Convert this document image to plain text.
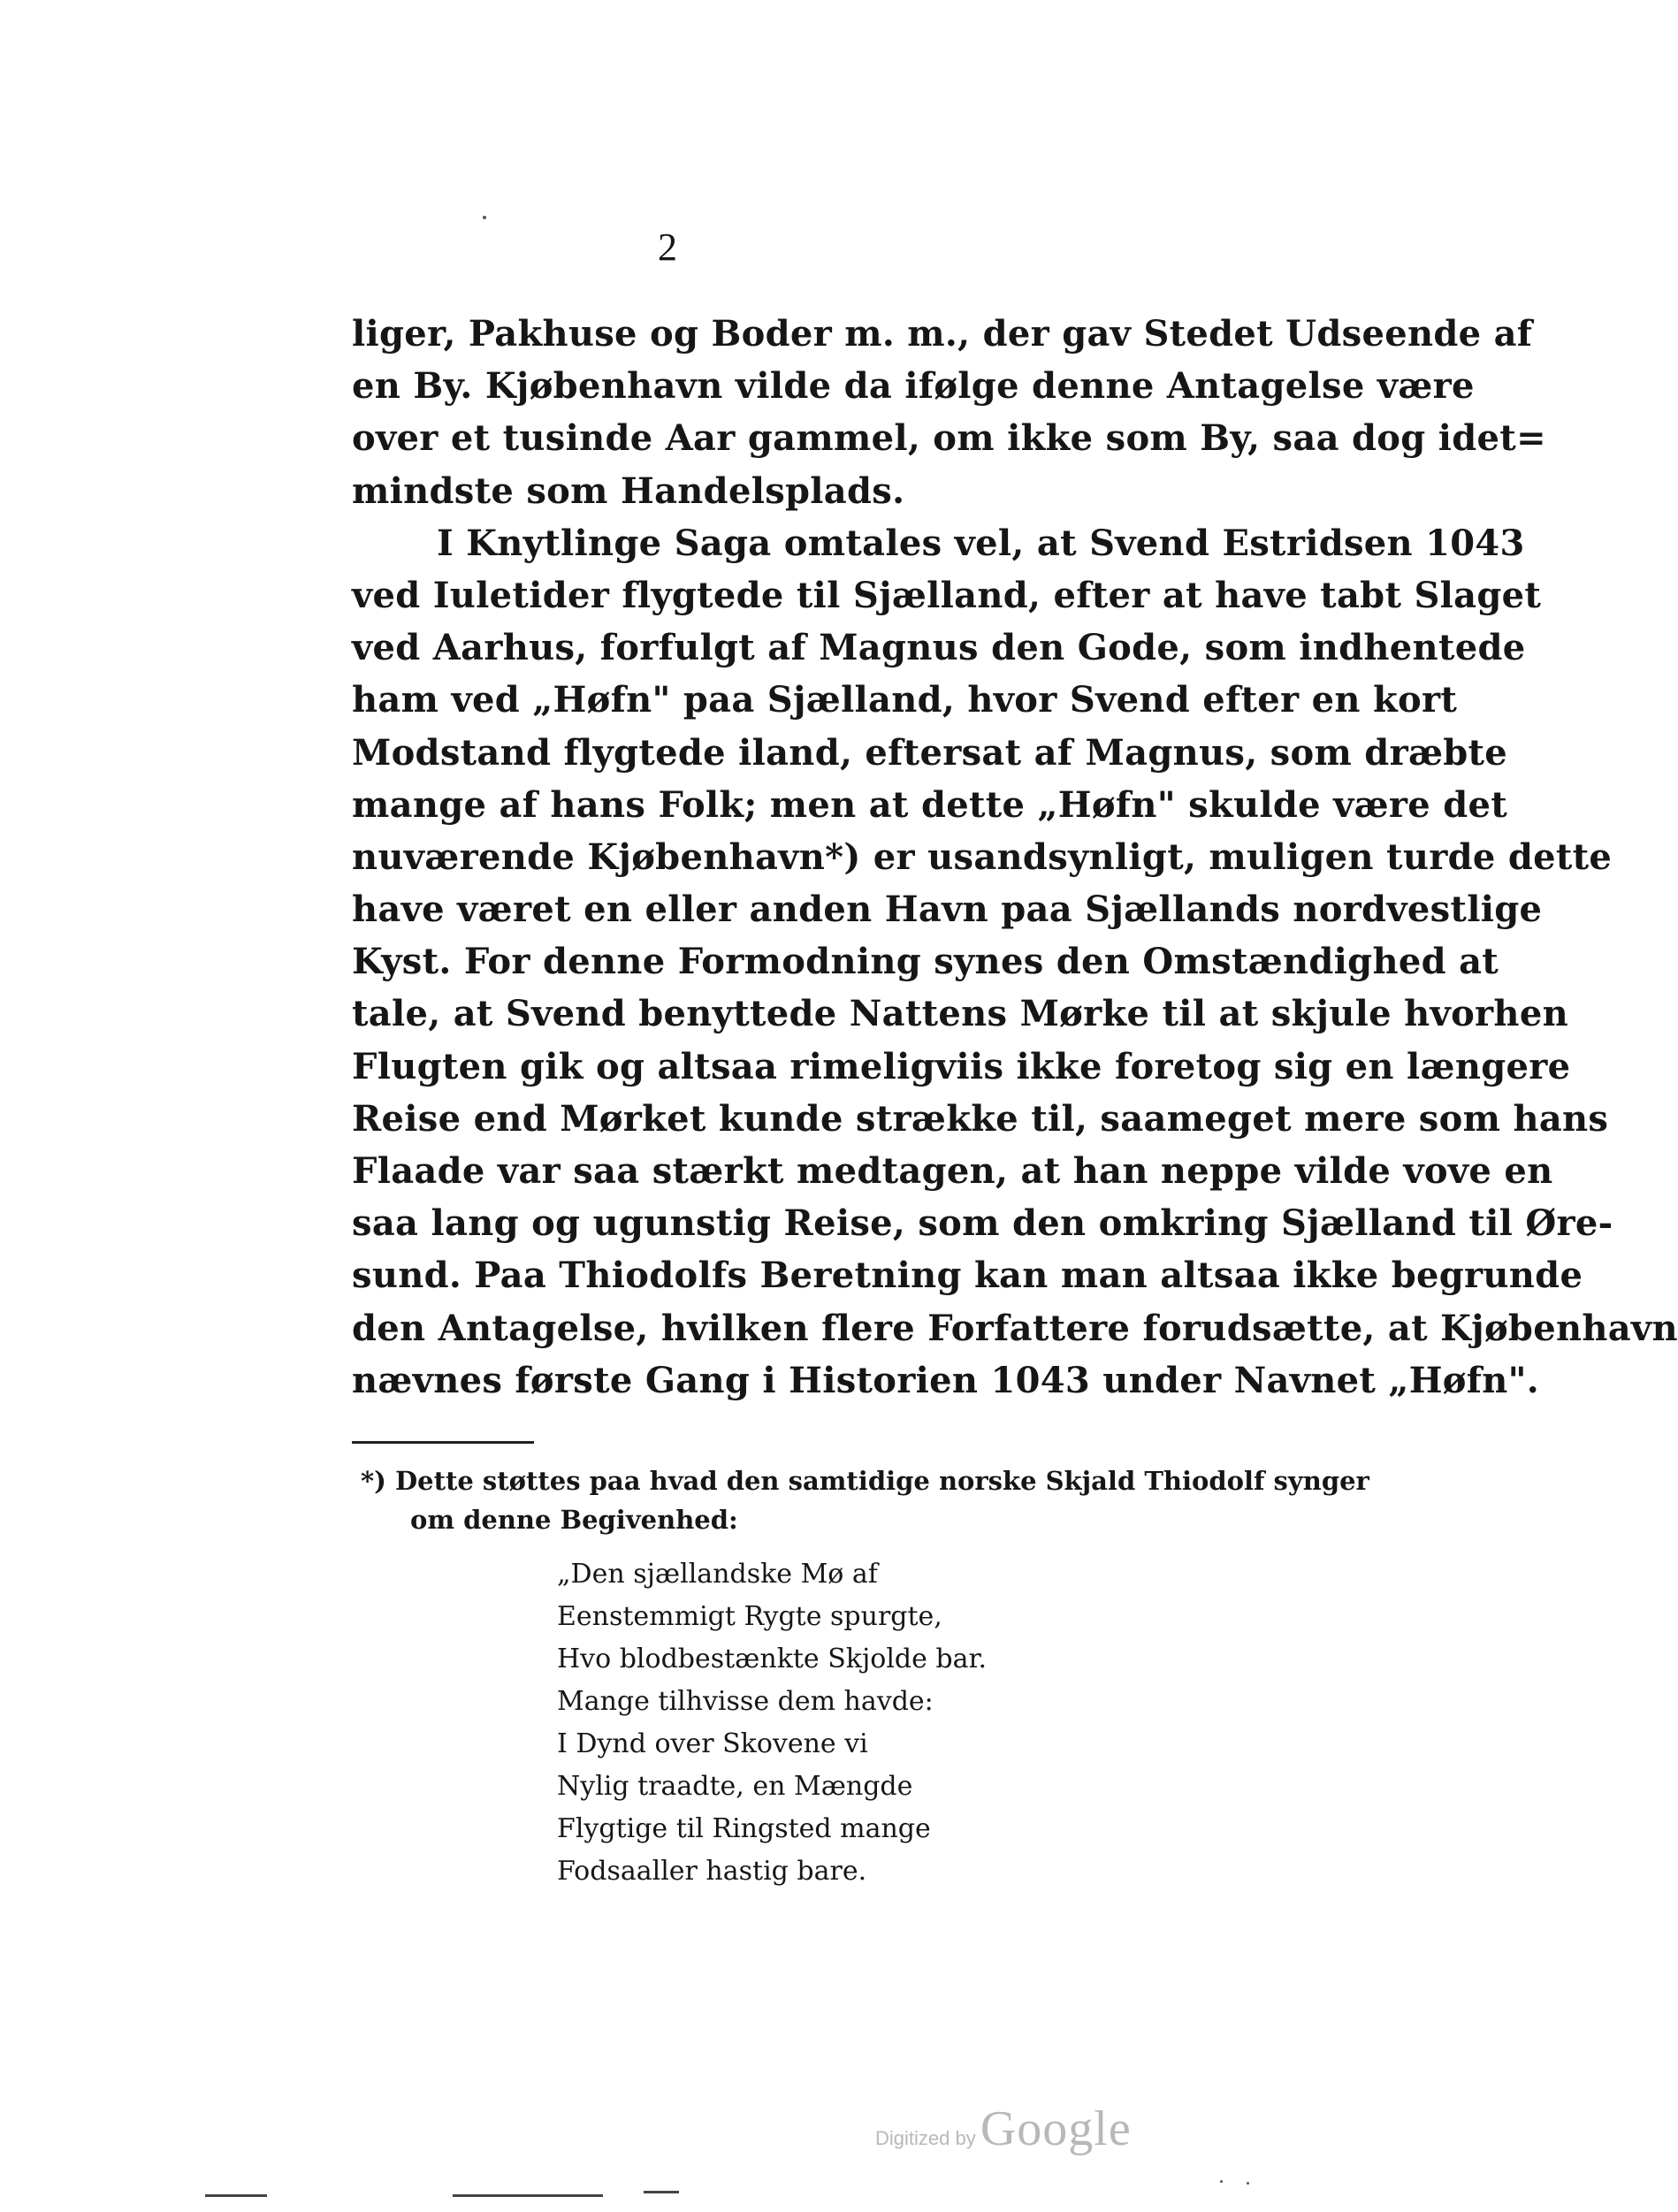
2
liger, Pakhuse og Boder m. m., der gav Stedet Udseende af
en By. Kjøbenhavn vilde da ifølge denne Antagelse være
over et tusinde Aar gammel, om ikke som By, saa dog idet=
mindste som Handelsplads.
I Knytlinge Saga omtales vel, at Svend Estridsen 1043
ved Iuletider flygtede til Sjælland, efter at have tabt Slaget
ved Aarhus, forfulgt af Magnus den Gode, som indhentede
ham ved „Høfn" paa Sjælland, hvor Svend efter en kort
Modstand flygtede iland, eftersat af Magnus, som dræbte
mange af hans Folk; men at dette „Høfn" skulde være det
nuværende Kjøbenhavn*) er usandsynligt, muligen turde dette
have været en eller anden Havn paa Sjællands nordvestlige
Kyst. For denne Formodning synes den Omstændighed at
tale, at Svend benyttede Nattens Mørke til at skjule hvorhen
Flugten gik og altsaa rimeligviis ikke foretog sig en længere
Reise end Mørket kunde strække til, saameget mere som hans
Flaade var saa stærkt medtagen, at han neppe vilde vove en
saa lang og ugunstig Reise, som den omkring Sjælland til Øre-
sund. Paa Thiodolfs Beretning kan man altsaa ikke begrunde
den Antagelse, hvilken flere Forfattere forudsætte, at Kjøbenhavn
nævnes første Gang i Historien 1043 under Navnet „Høfn".
*) Dette støttes paa hvad den samtidige norske Skjald Thiodolf synger
om denne Begivenhed:
„Den sjællandske Mø af
Eenstemmigt Rygte spurgte,
Hvo blodbestænkte Skjolde bar.
Mange tilhvisse dem havde:
I Dynd over Skovene vi
Nylig traadte, en Mængde
Flygtige til Ringsted mange
Fodsaaller hastig bare.
Digitized by Google
